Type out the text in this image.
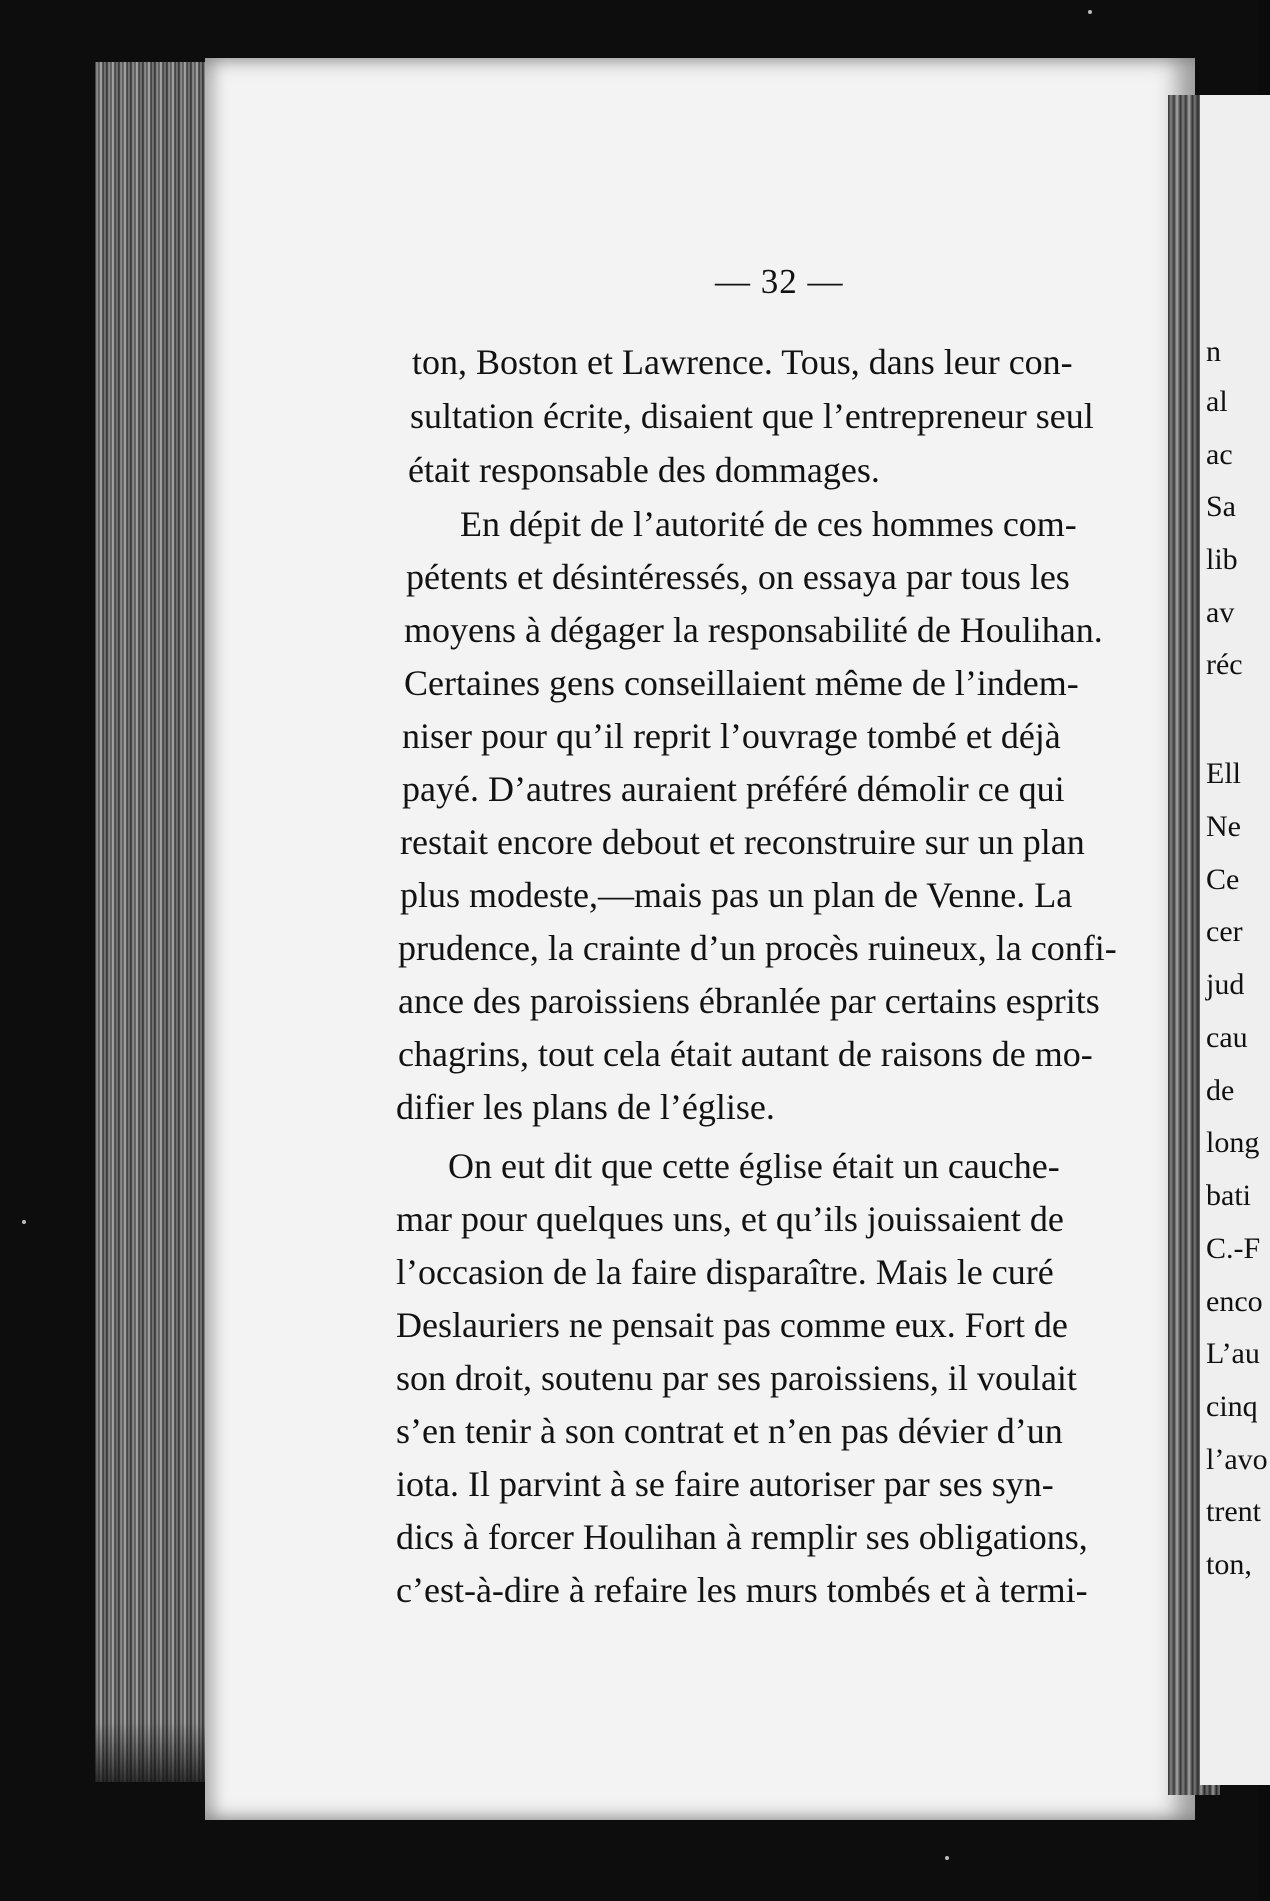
n
al
ac
Sa
lib
av
réc
Ell
Ne
Ce
cer
jud
cau
de
long
bati
C.-F
enco
L’au
cinq
l’avo
trent
ton,
— 32 —
ton, Boston et Lawrence. Tous, dans leur con-
sultation écrite, disaient que l’entrepreneur seul
était responsable des dommages.
En dépit de l’autorité de ces hommes com-
pétents et désintéressés, on essaya par tous les
moyens à dégager la responsabilité de Houlihan.
Certaines gens conseillaient même de l’indem-
niser pour qu’il reprit l’ouvrage tombé et déjà
payé. D’autres auraient préféré démolir ce qui
restait encore debout et reconstruire sur un plan
plus modeste,—mais pas un plan de Venne. La
prudence, la crainte d’un procès ruineux, la confi-
ance des paroissiens ébranlée par certains esprits
chagrins, tout cela était autant de raisons de mo-
difier les plans de l’église.
On eut dit que cette église était un cauche-
mar pour quelques uns, et qu’ils jouissaient de
l’occasion de la faire disparaître. Mais le curé
Deslauriers ne pensait pas comme eux. Fort de
son droit, soutenu par ses paroissiens, il voulait
s’en tenir à son contrat et n’en pas dévier d’un
iota. Il parvint à se faire autoriser par ses syn-
dics à forcer Houlihan à remplir ses obligations,
c’est-à-dire à refaire les murs tombés et à termi-
